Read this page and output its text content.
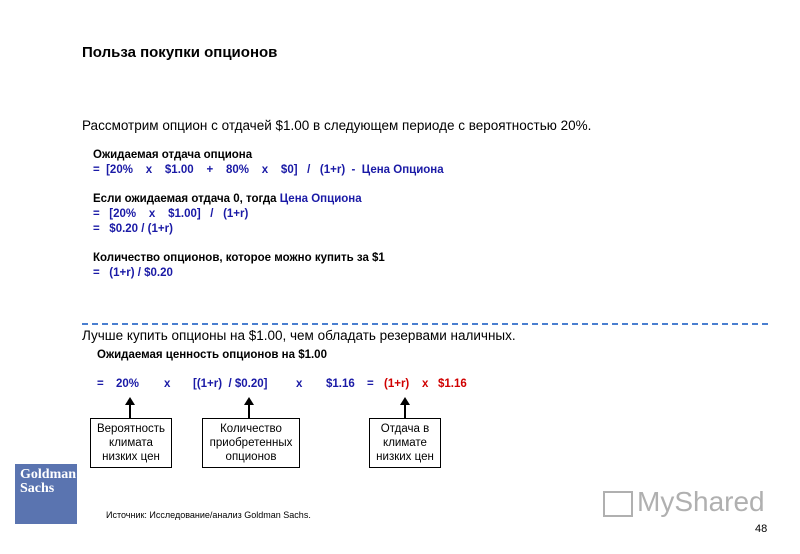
Польза покупки опционов
Рассмотрим опцион с отдачей $1.00 в следующем периоде с вероятностью 20%.
Ожидаемая отдача опциона
=  [20%    x    $1.00    +    80%    x    $0]   /   (1+r)  -  Цена Опциона
Если ожидаемая отдача 0, тогда Цена Опциона
=   [20%    x    $1.00]   /   (1+r)
=   $0.20 / (1+r)
Количество опционов, которое можно купить за $1
=   (1+r) / $0.20
Лучше купить опционы на $1.00, чем обладать резервами наличных.
Ожидаемая ценность опционов на $1.00
= 20% x [(1+r)  / $0.20] x $1.16 = (1+r) x $1.16
Вероятность климата низких цен
Количество приобретенных опционов
Отдача в климате низких цен
Goldman
Sachs
Источник: Исследование/анализ Goldman Sachs.	MyShared
48
